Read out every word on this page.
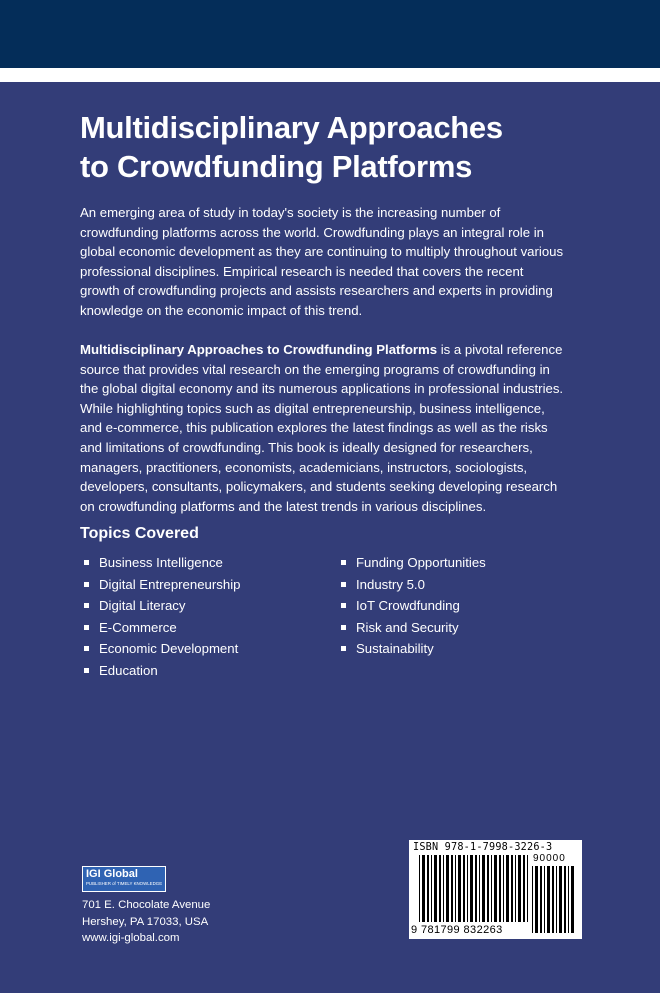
Multidisciplinary Approaches
to Crowdfunding Platforms

An emerging area of study in today's society is the increasing number of
crowdfunding platforms across the world. Crowdfunding plays an integral role in
global economic development as they are continuing to multiply throughout various
professional disciplines. Empirical research is needed that covers the recent
growth of crowdfunding projects and assists researchers and experts in providing
knowledge on the economic impact of this trend.

Multidisciplinary Approaches to Crowdfunding Platforms is a pivotal reference
source that provides vital research on the emerging programs of crowdfunding in
the global digital economy and its numerous applications in professional industries.
While highlighting topics such as digital entrepreneurship, business intelligence,
and e-commerce, this publication explores the latest findings as well as the risks
and limitations of crowdfunding. This book is ideally designed for researchers,
managers, practitioners, economists, academicians, instructors, sociologists,
developers, consultants, policymakers, and students seeking developing research
on crowdfunding platforms and the latest trends in various disciplines.

Topics Covered
Business Intelligence
Digital Entrepreneurship
Digital Literacy
E-Commerce
Economic Development
Education
Funding Opportunities
Industry 5.0
IoT Crowdfunding
Risk and Security
Sustainability
IGI Global
PUBLISHER of TIMELY KNOWLEDGE

701 E. Chocolate Avenue
Hershey, PA 17033, USA
www.igi-global.com

ISBN 978-1-7998-3226-3
90000
9 781799 832263
